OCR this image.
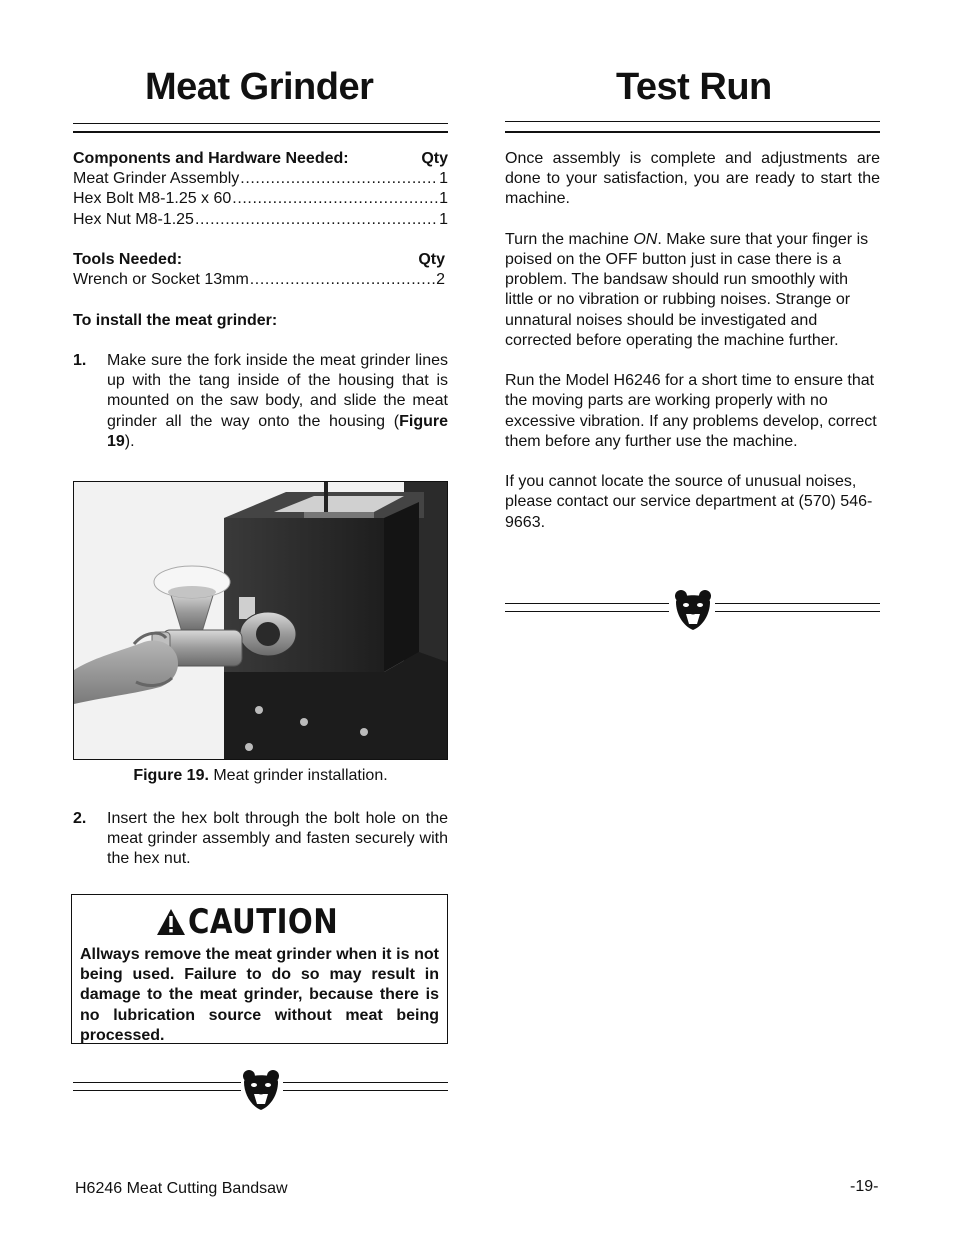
Meat Grinder	Test Run
Components and Hardware Needed:	Qty
Meat Grinder Assembly .....	1
Hex Bolt M8-1.25 x 60 .....	1
Hex Nut M8-1.25 .....	1
Tools Needed:	Qty
Wrench or Socket 13mm .....	2

To install the meat grinder:

1.	Make sure the fork inside the meat grinder lines up with the tang inside of the housing that is mounted on the saw body, and slide the meat grinder all the way onto the housing (Figure 19).
Figure 19. Meat grinder installation.
2.	Insert the hex bolt through the bolt hole on the meat grinder assembly and fasten securely with the hex nut.
CAUTION
Allways remove the meat grinder when it is not being used. Failure to do so may result in damage to the meat grinder, because there is no lubrication source without meat being processed.

Once assembly is complete and adjustments are done to your satisfaction, you are ready to start the machine.

Turn the machine ON. Make sure that your finger is poised on the OFF button just in case there is a problem. The bandsaw should run smoothly with little or no vibration or rubbing noises. Strange or unnatural noises should be investigated and corrected before operating the machine further.

Run the Model H6246 for a short time to ensure that the moving parts are working properly with no excessive vibration. If any problems develop, correct them before any further use the machine.

If you cannot locate the source of unusual noises, please contact our service department at (570) 546-9663.

H6246 Meat Cutting Bandsaw	-19-
